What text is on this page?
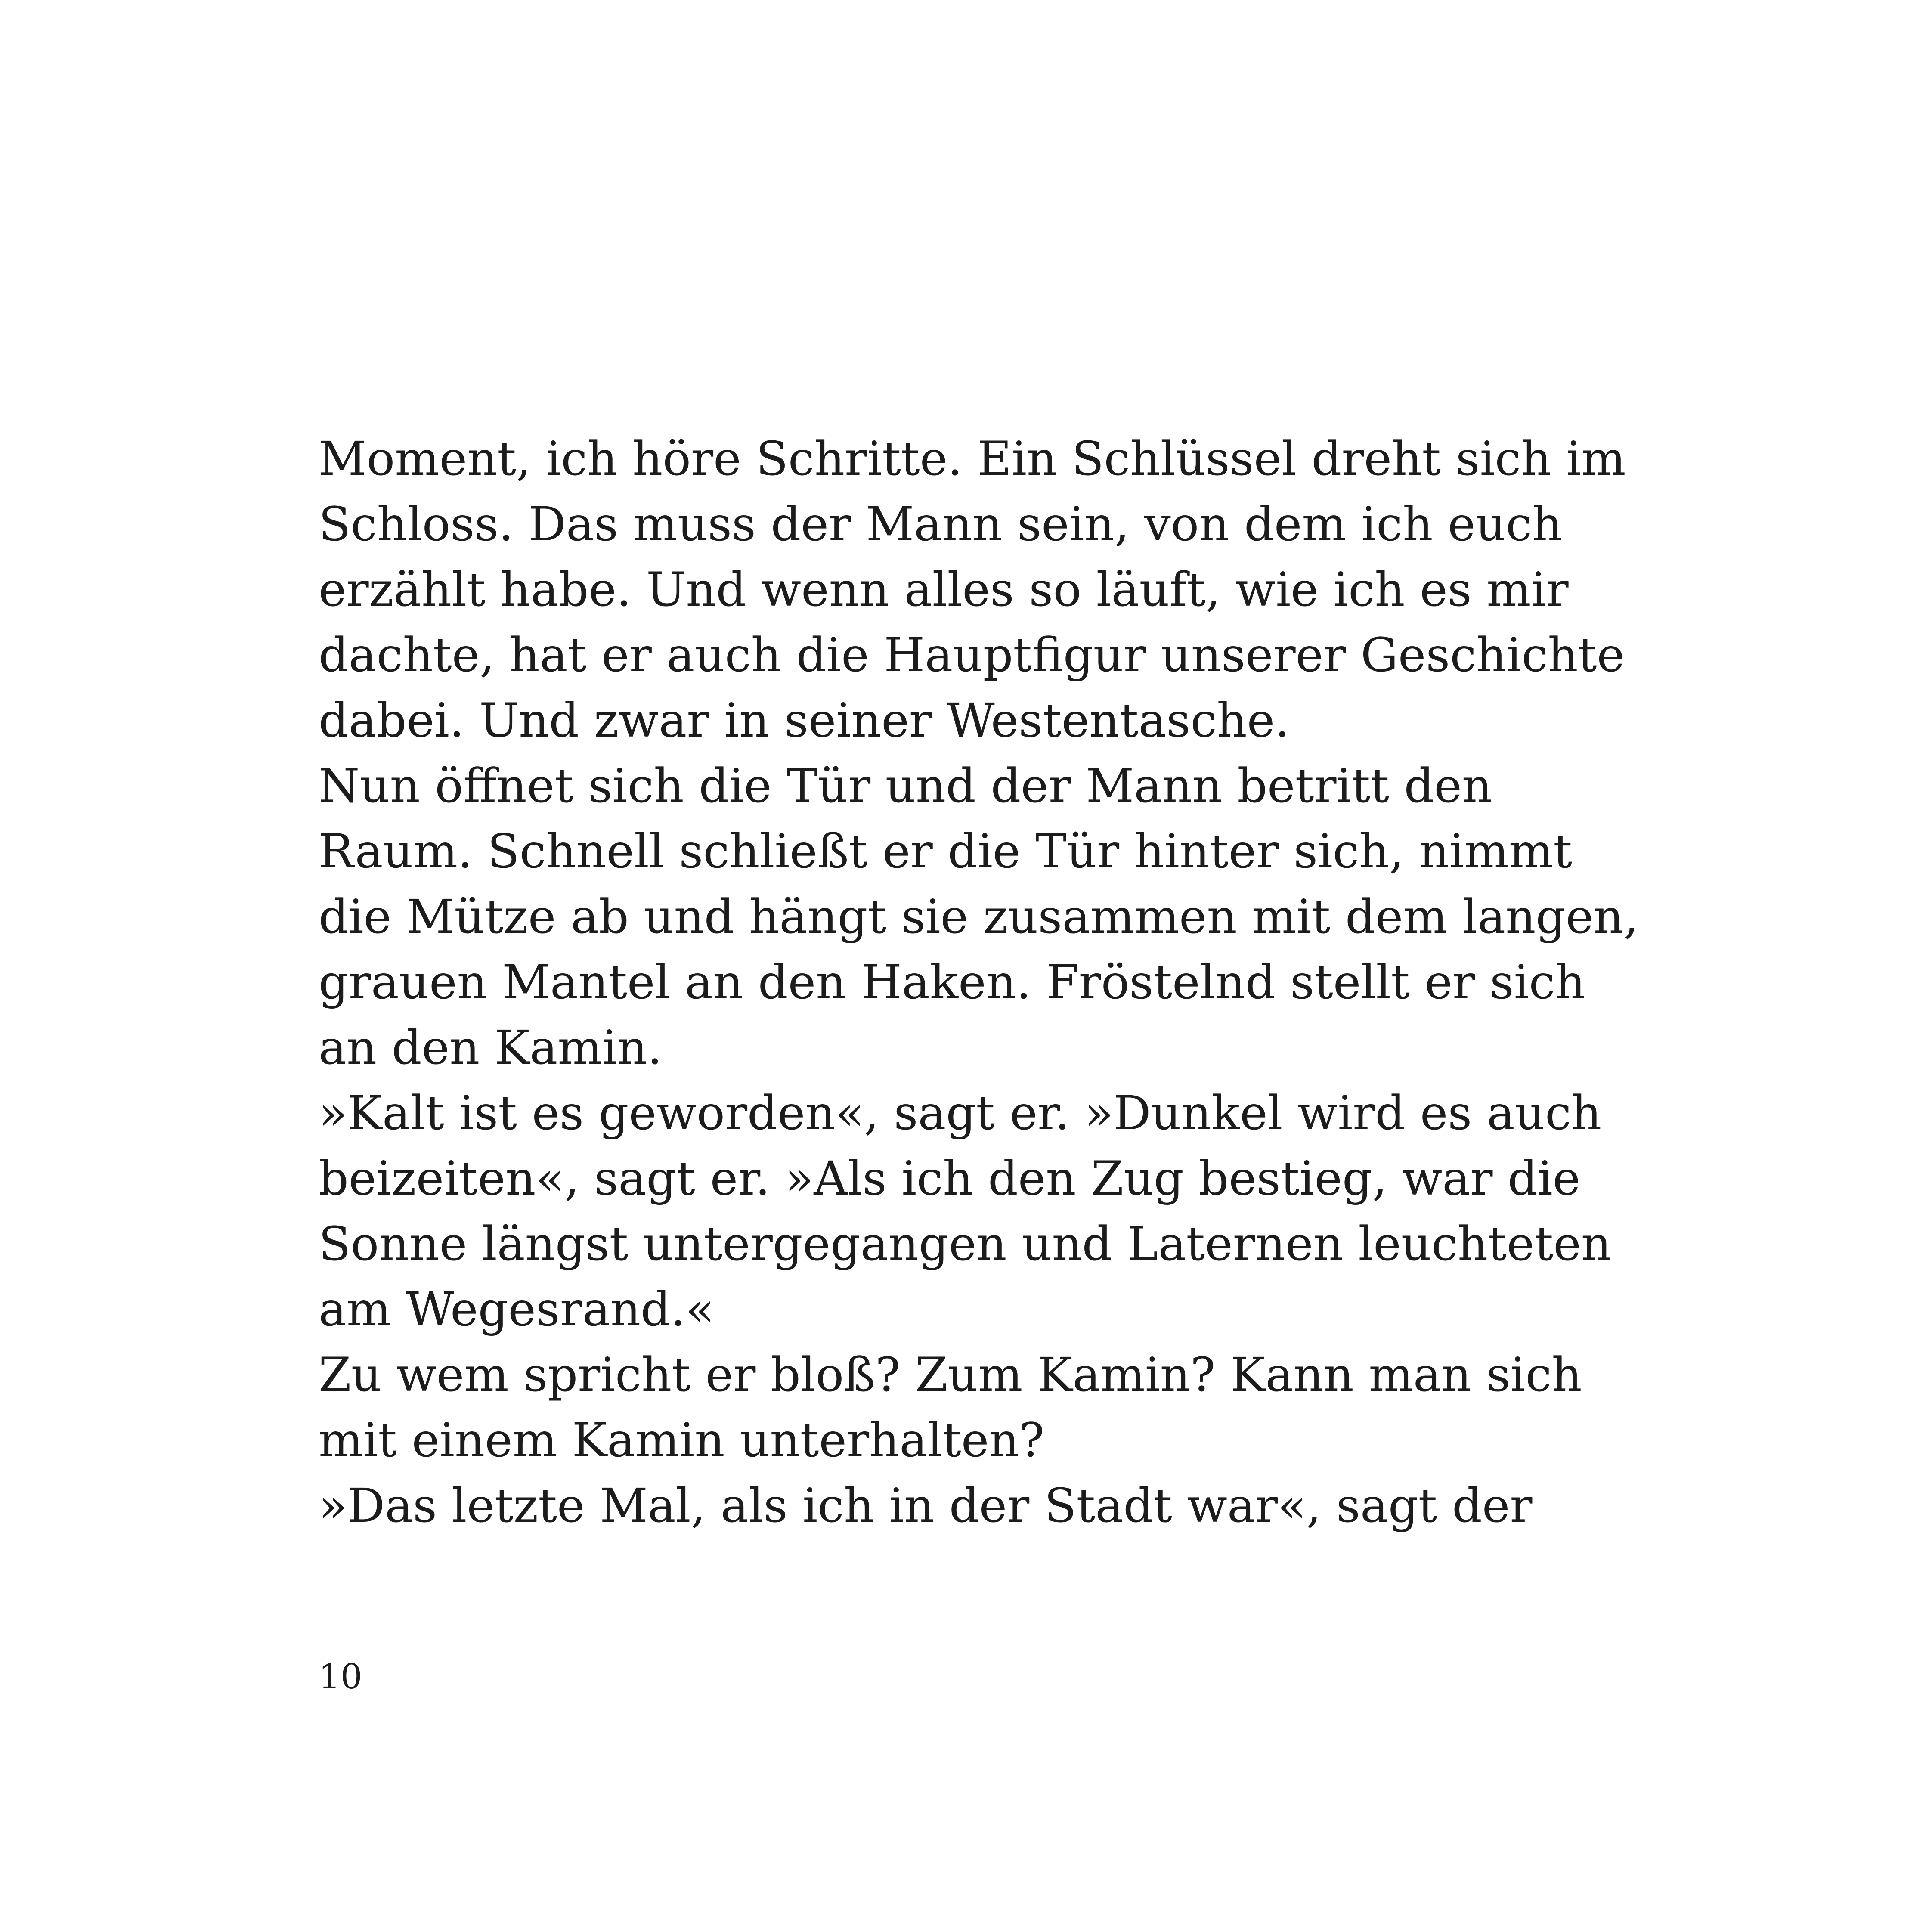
Moment, ich höre Schritte. Ein Schlüssel dreht sich im
Schloss. Das muss der Mann sein, von dem ich euch
erzählt habe. Und wenn alles so läuft, wie ich es mir
dachte, hat er auch die Hauptfigur unserer Geschichte
dabei. Und zwar in seiner Westentasche.
Nun öffnet sich die Tür und der Mann betritt den
Raum. Schnell schließt er die Tür hinter sich, nimmt
die Mütze ab und hängt sie zusammen mit dem langen,
grauen Mantel an den Haken. Fröstelnd stellt er sich
an den Kamin.
»Kalt ist es geworden«, sagt er. »Dunkel wird es auch
beizeiten«, sagt er. »Als ich den Zug bestieg, war die
Sonne längst untergegangen und Laternen leuchteten
am Wegesrand.«
Zu wem spricht er bloß? Zum Kamin? Kann man sich
mit einem Kamin unterhalten?
»Das letzte Mal, als ich in der Stadt war«, sagt der
10
